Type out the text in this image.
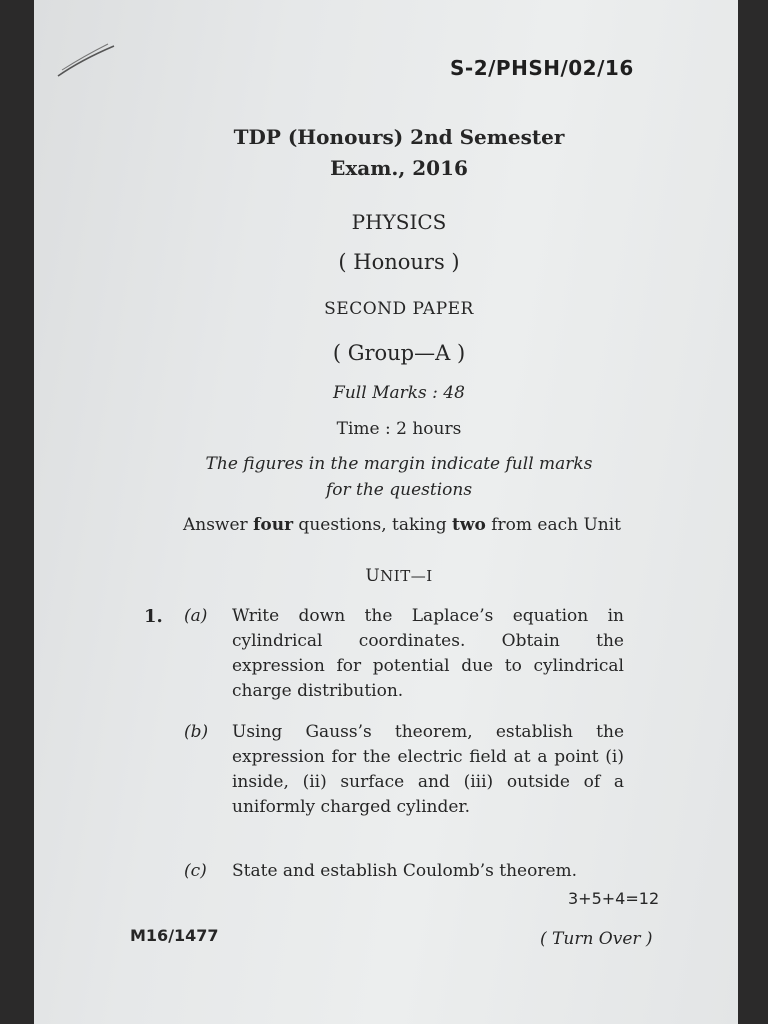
S-2/PHSH/02/16
TDP (Honours) 2nd Semester
Exam., 2016
PHYSICS
( Honours )
SECOND PAPER
( Group—A )
Full Marks : 48
Time : 2 hours
The figures in the margin indicate full marks
for the questions
Answer four questions, taking two from each Unit
UNIT—I
1. (a) Write down the Laplace’s equation in cylindrical coordinates. Obtain the expression for potential due to cylindrical charge distribution.
(b) Using Gauss’s theorem, establish the expression for the electric field at a point (i) inside, (ii) surface and (iii) outside of a uniformly charged cylinder.
(c) State and establish Coulomb’s theorem.
3+5+4=12
M16/1477	( Turn Over )
